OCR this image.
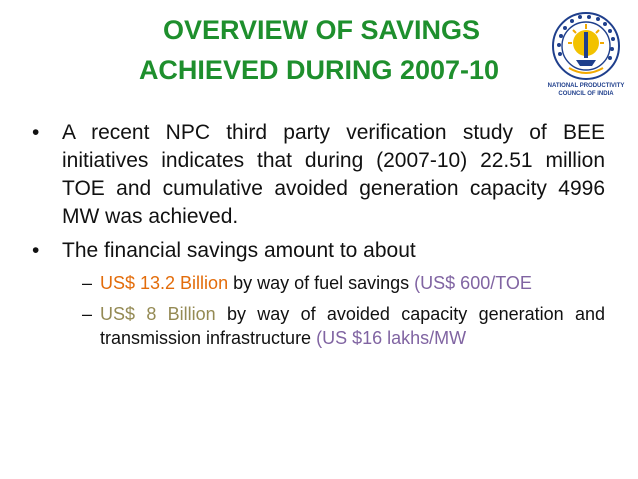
OVERVIEW OF SAVINGS
ACHIEVED DURING 2007-10
NATIONAL PRODUCTIVITY
COUNCIL OF INDIA
• A recent NPC third party verification study of BEE initiatives indicates that during (2007-10) 22.51 million TOE and cumulative avoided generation capacity 4996 MW was achieved.
• The financial savings amount to about
– US$ 13.2 Billion by way of fuel savings (US$ 600/TOE
– US$ 8 Billion by way of avoided capacity generation and transmission infrastructure (US $16 lakhs/MW
